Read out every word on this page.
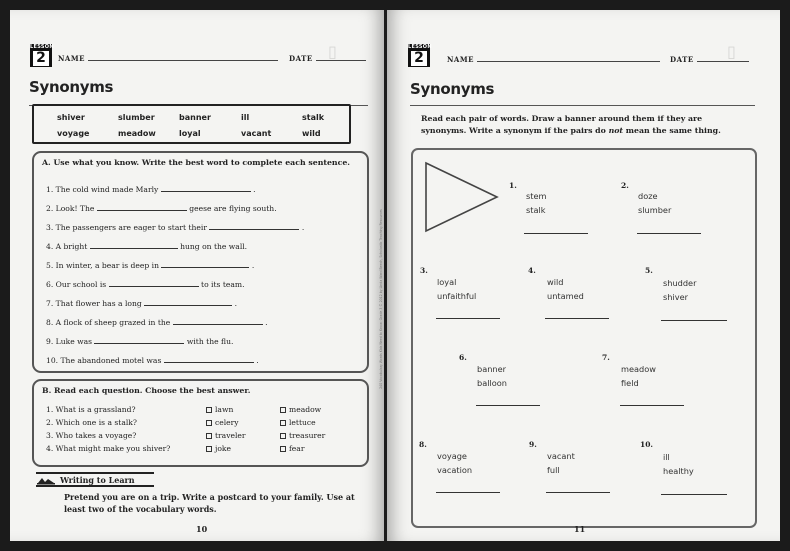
▯
LESSON
2	NAME	DATE
Synonyms
shiver	slumber	banner	ill	stalk
voyage	meadow	loyal	vacant	wild
A. Use what you know. Write the best word to complete each sentence.
1. The cold wind made Marly	.
2. Look! The	geese are flying south.
3. The passengers are eager to start their	.
4. A bright	hung on the wall.
5. In winter, a bear is deep in	.
6. Our school is	to its team.
7. That flower has a long	.
8. A flock of sheep grazed in the	.
9. Luke was	with the flu.
10. The abandoned motel was	.
B. Read each question. Choose the best answer.
1. What is a grassland?	lawn	meadow
2. Which one is a stalk?	celery	lettuce
3. Who takes a voyage?	traveler	treasurer
4. What might make you shiver?	joke	fear
Writing to Learn
Pretend you are on a trip. Write a postcard to your family. Use at
least two of the vocabulary words.
10
240 Vocabulary Words Kids Need to Know: Grade 3 © 2012 by Linda Ward Beech, Scholastic Teaching Resources
▯
LESSON
2	NAME	DATE
Synonyms
Read each pair of words. Draw a banner around them if they are
synonyms. Write a synonym if the pairs do not mean the same thing.
1.
stem
stalk
2.
doze
slumber
3.
loyal
unfaithful
4.
wild
untamed
5.
shudder
shiver
6.
banner
balloon
7.
meadow
field
8.
voyage
vacation
9.
vacant
full
10.
ill
healthy
11
